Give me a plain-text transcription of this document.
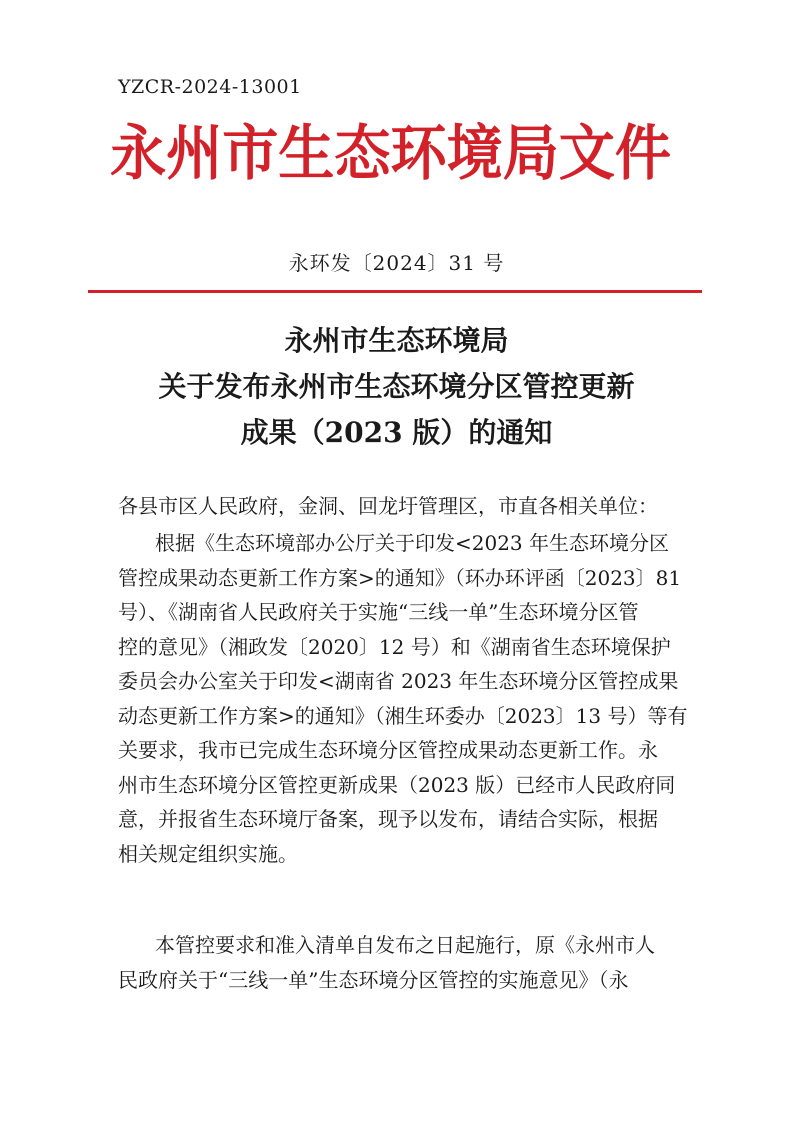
YZCR-2024-13001
永州市生态环境局文件
永环发〔2024〕31 号
永州市生态环境局
关于发布永州市生态环境分区管控更新
成果（2023 版）的通知
各县市区人民政府，金洞、回龙圩管理区，市直各相关单位：
根据《生态环境部办公厅关于印发<2023 年生态环境分区
管控成果动态更新工作方案>的通知》（环办环评函〔2023〕81
号）、《湖南省人民政府关于实施“三线一单”生态环境分区管
控的意见》（湘政发〔2020〕12 号）和《湖南省生态环境保护
委员会办公室关于印发<湖南省 2023 年生态环境分区管控成果
动态更新工作方案>的通知》（湘生环委办〔2023〕13 号）等有
关要求，我市已完成生态环境分区管控成果动态更新工作。永
州市生态环境分区管控更新成果（2023 版）已经市人民政府同
意，并报省生态环境厅备案，现予以发布，请结合实际，根据
相关规定组织实施。
本管控要求和准入清单自发布之日起施行，原《永州市人
民政府关于“三线一单”生态环境分区管控的实施意见》（永
